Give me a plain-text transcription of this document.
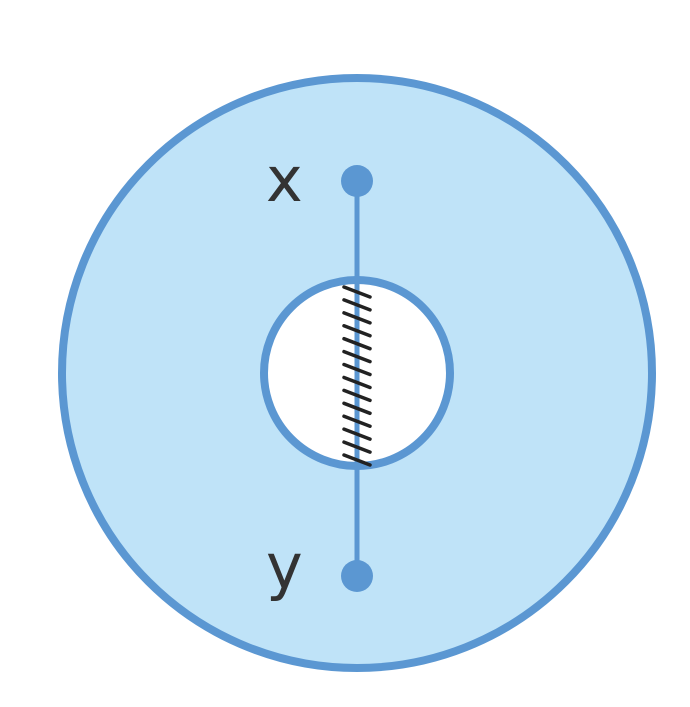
x
y
